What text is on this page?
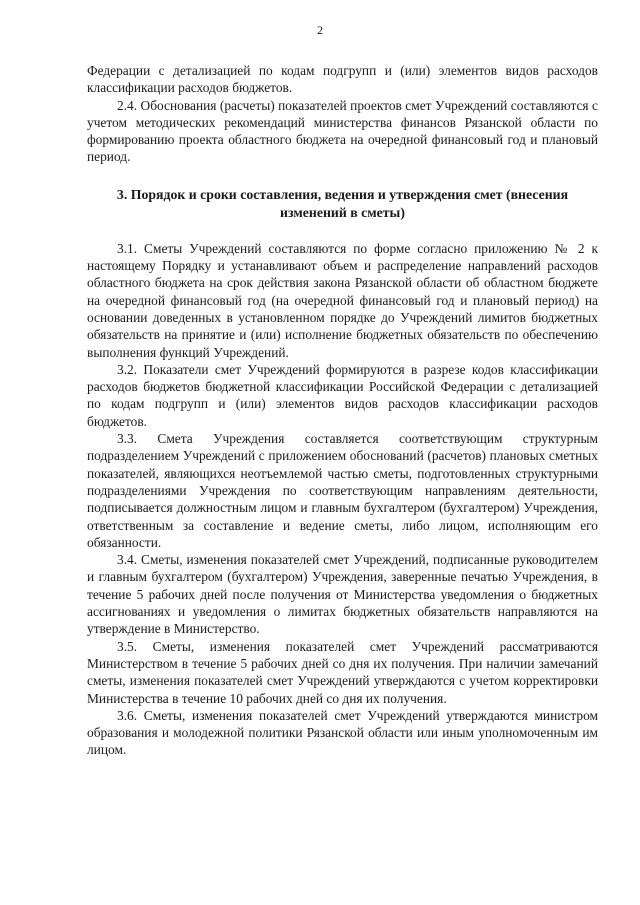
2

Федерации с детализацией по кодам подгрупп и (или) элементов видов расходов классификации расходов бюджетов.

2.4. Обоснования (расчеты) показателей проектов смет Учреждений составляются с учетом методических рекомендаций министерства финансов Рязанской области по формированию проекта областного бюджета на очередной финансовый год и плановый период.

3. Порядок и сроки составления, ведения и утверждения смет (внесения изменений в сметы)

3.1. Сметы Учреждений составляются по форме согласно приложению № 2 к настоящему Порядку и устанавливают объем и распределение направлений расходов областного бюджета на срок действия закона Рязанской области об областном бюджете на очередной финансовый год (на очередной финансовый год и плановый период) на основании доведенных в установленном порядке до Учреждений лимитов бюджетных обязательств на принятие и (или) исполнение бюджетных обязательств по обеспечению выполнения функций Учреждений.

3.2. Показатели смет Учреждений формируются в разрезе кодов классификации расходов бюджетов бюджетной классификации Российской Федерации с детализацией по кодам подгрупп и (или) элементов видов расходов классификации расходов бюджетов.

3.3. Смета Учреждения составляется соответствующим структурным подразделением Учреждений с приложением обоснований (расчетов) плановых сметных показателей, являющихся неотъемлемой частью сметы, подготовленных структурными подразделениями Учреждения по соответствующим направлениям деятельности, подписывается должностным лицом и главным бухгалтером (бухгалтером) Учреждения, ответственным за составление и ведение сметы, либо лицом, исполняющим его обязанности.

3.4. Сметы, изменения показателей смет Учреждений, подписанные руководителем и главным бухгалтером (бухгалтером) Учреждения, заверенные печатью Учреждения, в течение 5 рабочих дней после получения от Министерства уведомления о бюджетных ассигнованиях и уведомления о лимитах бюджетных обязательств направляются на утверждение в Министерство.

3.5. Сметы, изменения показателей смет Учреждений рассматриваются Министерством в течение 5 рабочих дней со дня их получения. При наличии замечаний сметы, изменения показателей смет Учреждений утверждаются с учетом корректировки Министерства в течение 10 рабочих дней со дня их получения.

3.6. Сметы, изменения показателей смет Учреждений утверждаются министром образования и молодежной политики Рязанской области или иным уполномоченным им лицом.
